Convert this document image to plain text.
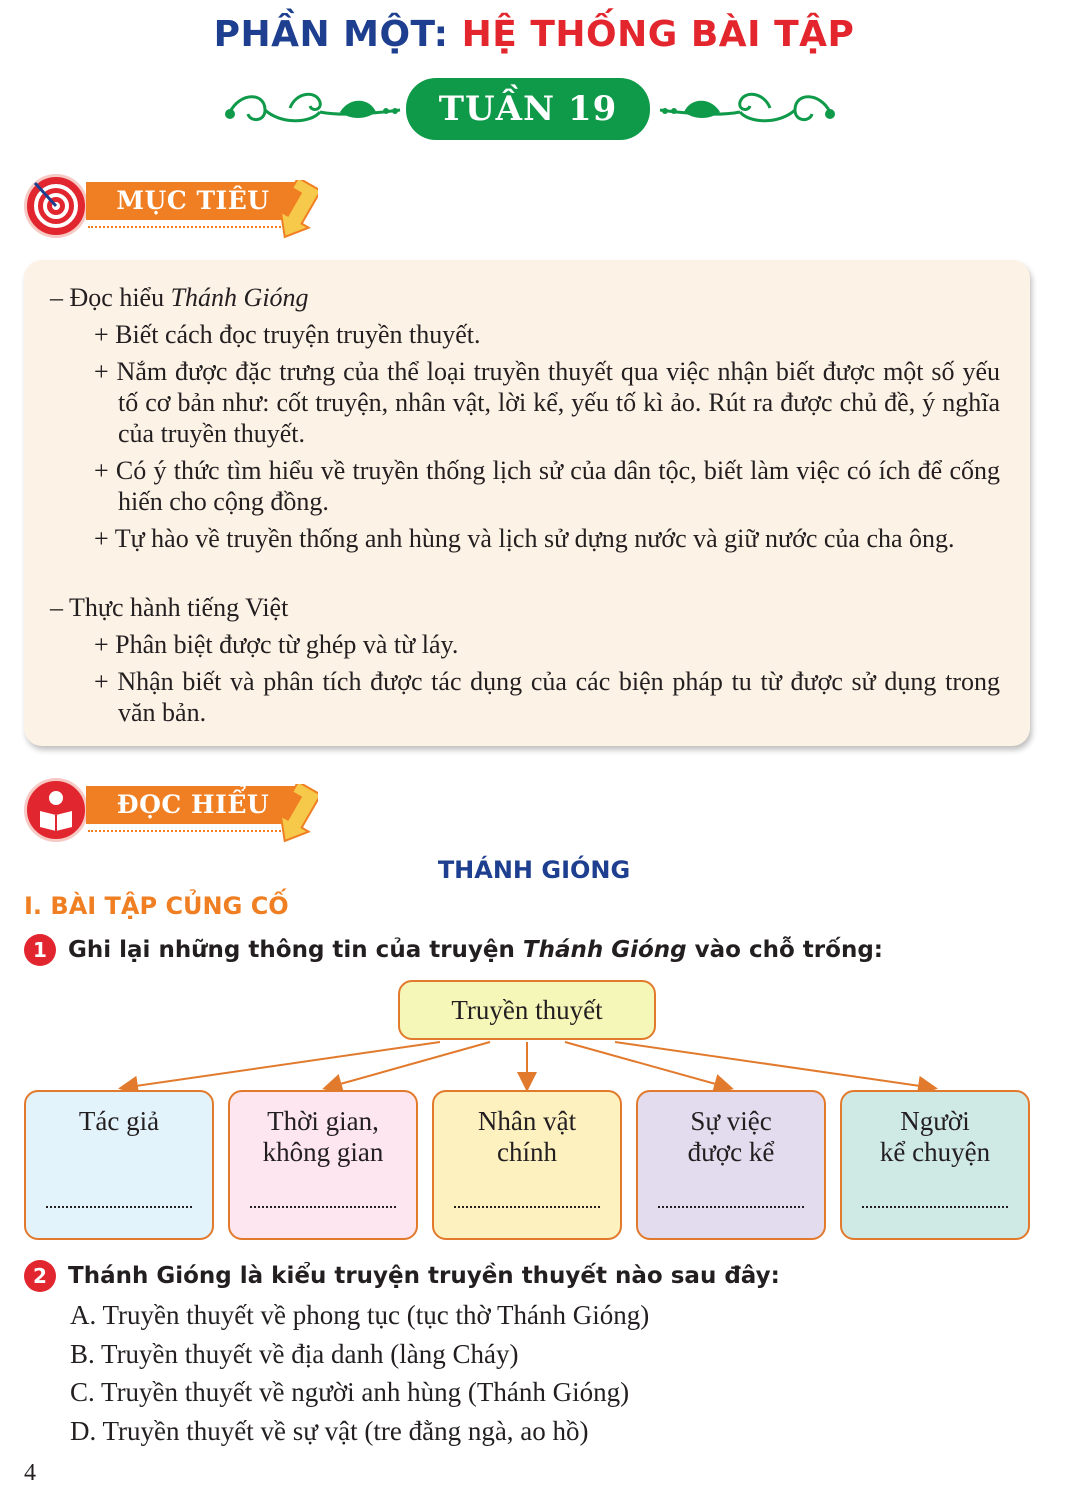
PHẦN MỘT: HỆ THỐNG BÀI TẬP
TUẦN 19
MỤC TIÊU
– Đọc hiểu Thánh Gióng
+ Biết cách đọc truyện truyền thuyết.
+ Nắm được đặc trưng của thể loại truyền thuyết qua việc nhận biết được một số yếu tố cơ bản như: cốt truyện, nhân vật, lời kể, yếu tố kì ảo. Rút ra được chủ đề, ý nghĩa của truyền thuyết.
+ Có ý thức tìm hiểu về truyền thống lịch sử của dân tộc, biết làm việc có ích để cống hiến cho cộng đồng.
+ Tự hào về truyền thống anh hùng và lịch sử dựng nước và giữ nước của cha ông.
– Thực hành tiếng Việt
+ Phân biệt được từ ghép và từ láy.
+ Nhận biết và phân tích được tác dụng của các biện pháp tu từ được sử dụng trong văn bản.
ĐỌC HIỂU
THÁNH GIÓNG
I. BÀI TẬP CỦNG CỐ
1 Ghi lại những thông tin của truyện Thánh Gióng vào chỗ trống:
Truyền thuyết
Tác giả	Thời gian,
không gian
Nhân vật
chính
Sự việc
được kể
Người
kể chuyện
2 Thánh Gióng là kiểu truyện truyền thuyết nào sau đây:
A. Truyền thuyết về phong tục (tục thờ Thánh Gióng)
B. Truyền thuyết về địa danh (làng Cháy)
C. Truyền thuyết về người anh hùng (Thánh Gióng)
D. Truyền thuyết về sự vật (tre đằng ngà, ao hồ)
4
